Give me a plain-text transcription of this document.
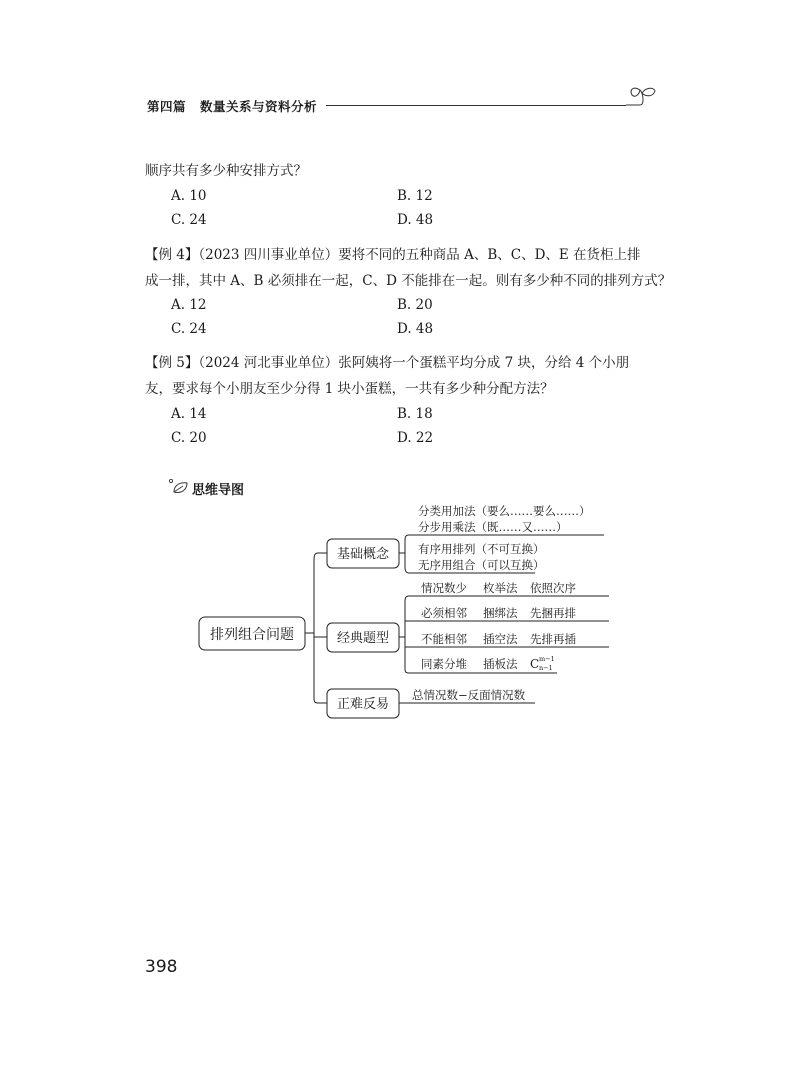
第四篇 数量关系与资料分析
顺序共有多少种安排方式？
A. 10	B. 12
C. 24	D. 48
【例 4】（2023 四川事业单位）要将不同的五种商品 A、B、C、D、E 在货柜上排
成一排，其中 A、B 必须排在一起，C、D 不能排在一起。则有多少种不同的排列方式？
A. 12	B. 20
C. 24	D. 48
【例 5】（2024 河北事业单位）张阿姨将一个蛋糕平均分成 7 块，分给 4 个小朋
友，要求每个小朋友至少分得 1 块小蛋糕，一共有多少种分配方法？
A. 14	B. 18
C. 20	D. 22
思维导图
排列组合问题
基础概念
经典题型
正难反易
分类用加法（要么……要么……）
分步用乘法（既……又……）
有序用排列（不可互换）
无序用组合（可以互换）
情况数少 枚举法 依照次序
必须相邻 捆绑法 先捆再排
不能相邻 插空法 先排再插
同素分堆 插板法 C m−1
n−1
总情况数−反面情况数
398
